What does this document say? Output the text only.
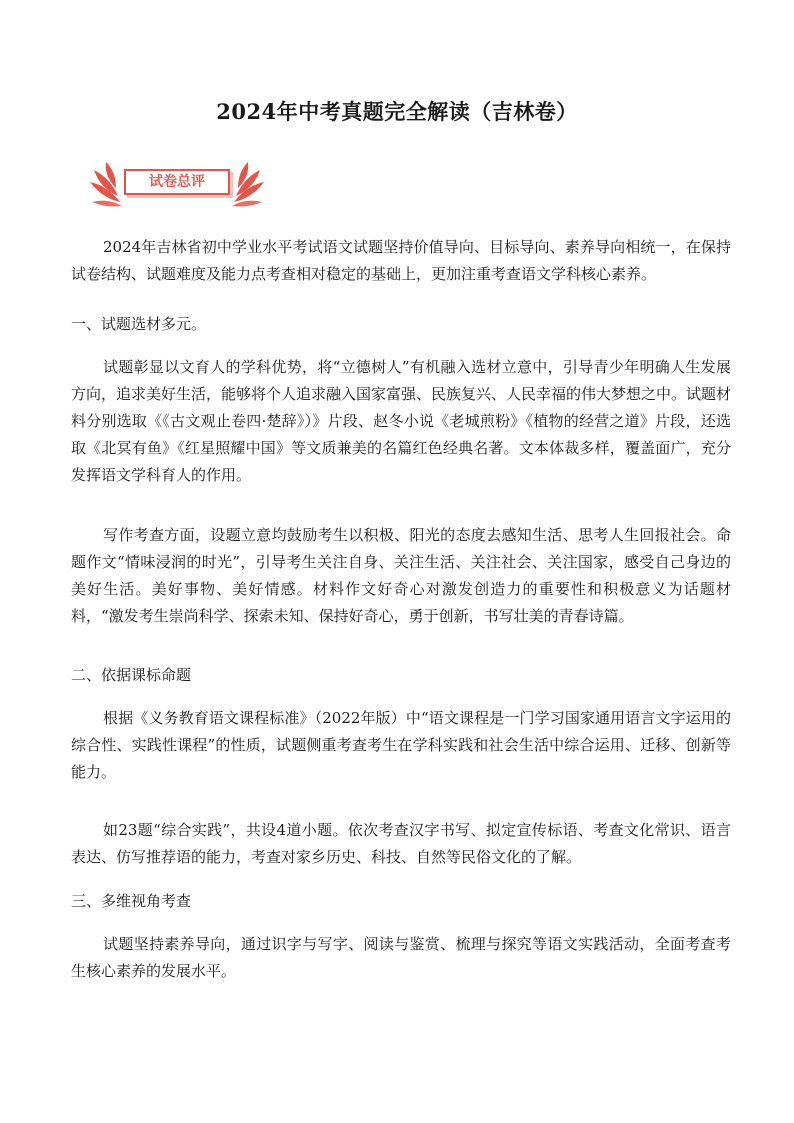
2024年中考真题完全解读（吉林卷）
试卷总评

2024年吉林省初中学业水平考试语文试题坚持价值导向、目标导向、素养导向相统一，在保持试卷结构、试题难度及能力点考查相对稳定的基础上，更加注重考查语文学科核心素养。

一、试题选材多元。

试题彰显以文育人的学科优势，将“立德树人”有机融入选材立意中，引导青少年明确人生发展方向，追求美好生活，能够将个人追求融入国家富强、民族复兴、人民幸福的伟大梦想之中。试题材料分别选取《《古文观止卷四·楚辞》）》片段、赵冬小说《老城煎粉》《植物的经营之道》片段，还选取《北冥有鱼》《红星照耀中国》等文质兼美的名篇红色经典名著。文本体裁多样，覆盖面广，充分发挥语文学科育人的作用。

写作考查方面，设题立意均鼓励考生以积极、阳光的态度去感知生活、思考人生回报社会。命题作文“情味浸润的时光”，引导考生关注自身、关注生活、关注社会、关注国家，感受自己身边的美好生活。美好事物、美好情感。材料作文好奇心对激发创造力的重要性和积极意义为话题材料，“激发考生崇尚科学、探索未知、保持好奇心，勇于创新，书写壮美的青春诗篇。

二、依据课标命题

根据《义务教育语文课程标准》（2022年版）中“语文课程是一门学习国家通用语言文字运用的综合性、实践性课程”的性质，试题侧重考查考生在学科实践和社会生活中综合运用、迁移、创新等能力。

如23题“综合实践”，共设4道小题。依次考查汉字书写、拟定宣传标语、考查文化常识、语言表达、仿写推荐语的能力，考查对家乡历史、科技、自然等民俗文化的了解。

三、多维视角考查

试题坚持素养导向，通过识字与写字、阅读与鉴赏、梳理与探究等语文实践活动，全面考查考生核心素养的发展水平。
